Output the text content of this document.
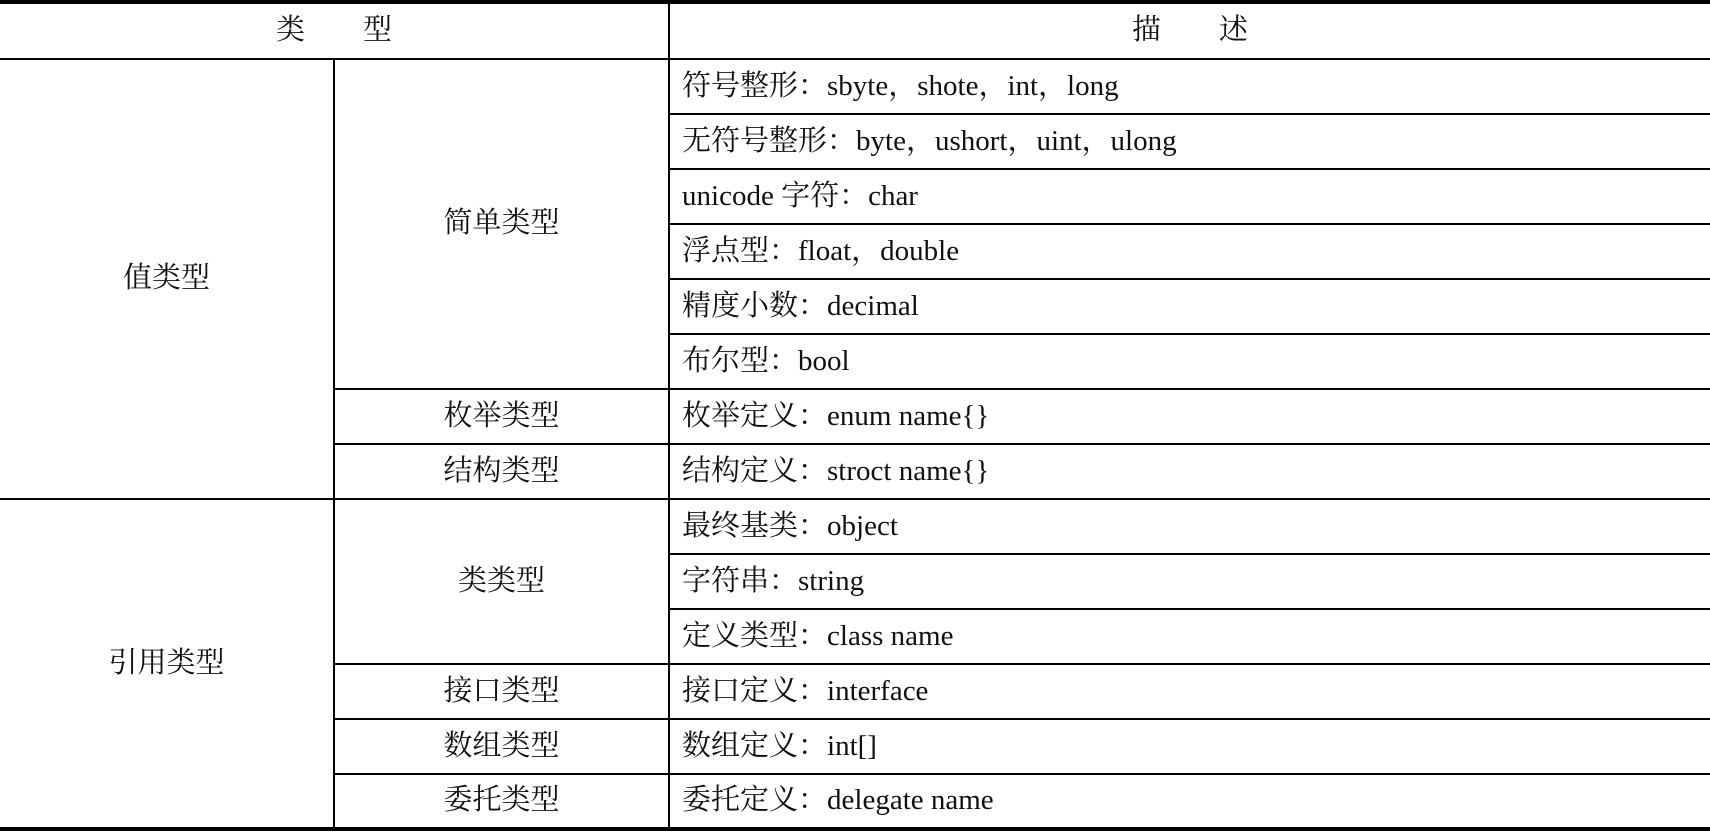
类        型		描        述
值类型	简单类型	符号整形：sbyte，shote，int，long
		无符号整形：byte，ushort，uint，ulong
		unicode 字符：char
		浮点型：float，double
		精度小数：decimal
		布尔型：bool
	枚举类型	枚举定义：enum name{}
	结构类型	结构定义：stroct name{}
引用类型	类类型	最终基类：object
		字符串：string
		定义类型：class name
	接口类型	接口定义：interface
	数组类型	数组定义：int[]
	委托类型	委托定义：delegate name
